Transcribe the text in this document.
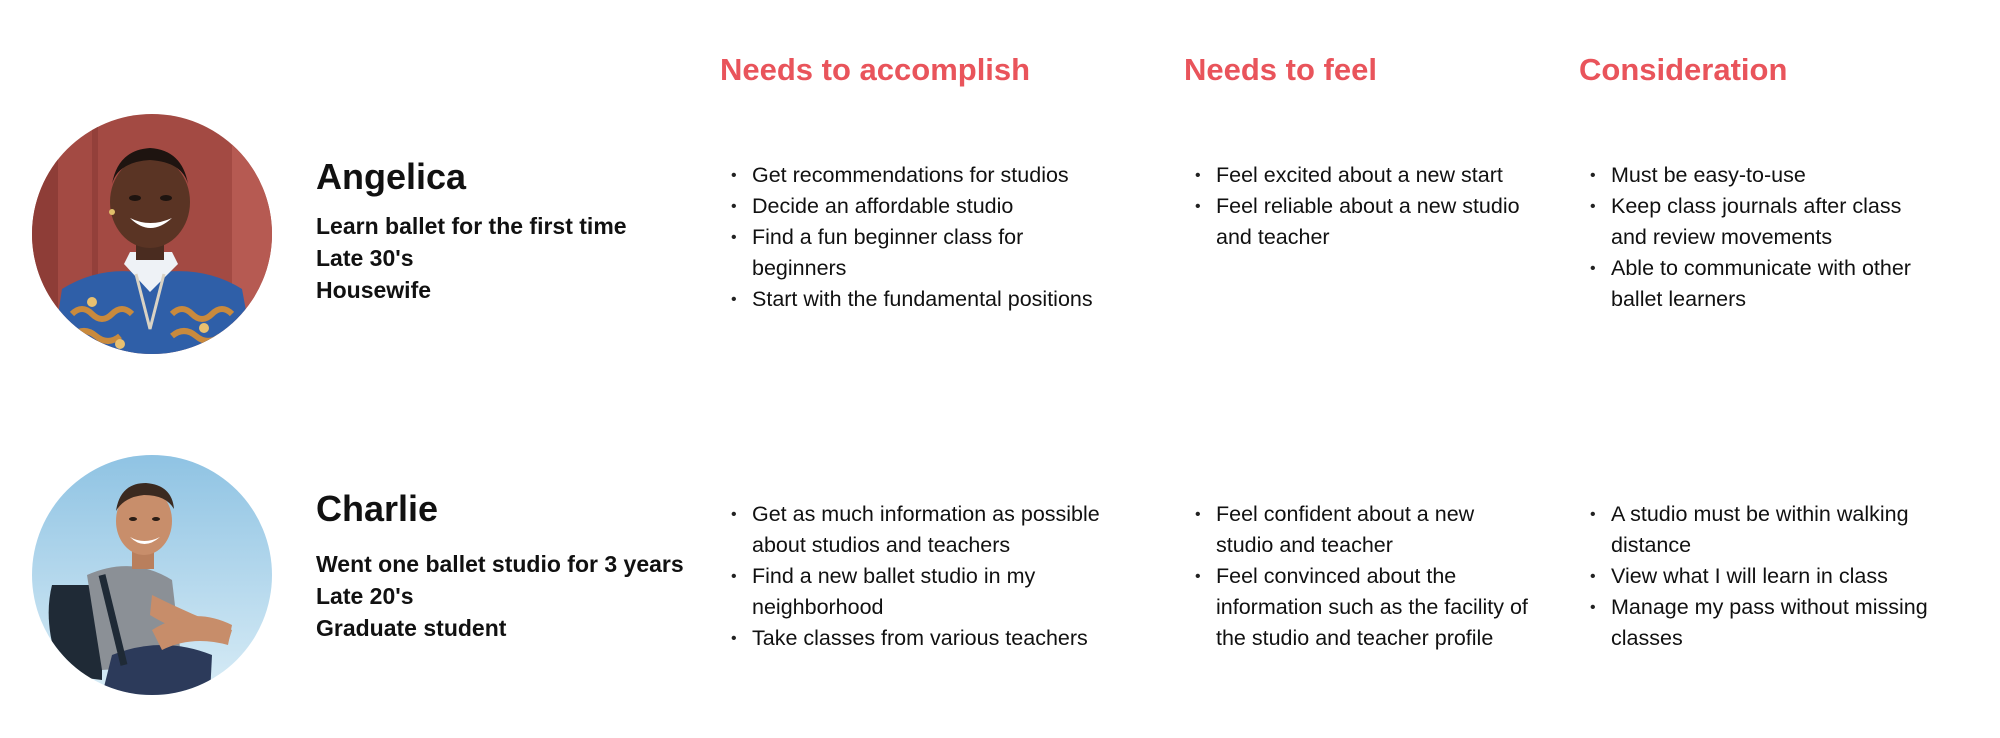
Needs to accomplish	Needs to feel	Consideration
Angelica
Learn ballet for the first time
Late 30's
Housewife
• Get recommendations for studios
• Decide an affordable studio
• Find a fun beginner class for beginners
• Start with the fundamental positions
• Feel excited about a new start
• Feel reliable about a new studio and teacher
• Must be easy-to-use
• Keep class journals after class and review movements
• Able to communicate with other ballet learners
Charlie
Went one ballet studio for 3 years
Late 20's
Graduate student
• Get as much information as possible about studios and teachers
• Find a new ballet studio in my neighborhood
• Take classes from various teachers
• Feel confident about a new studio and teacher
• Feel convinced about the information such as the facility of the studio and teacher profile
• A studio must be within walking distance
• View what I will learn in class
• Manage my pass without missing classes
